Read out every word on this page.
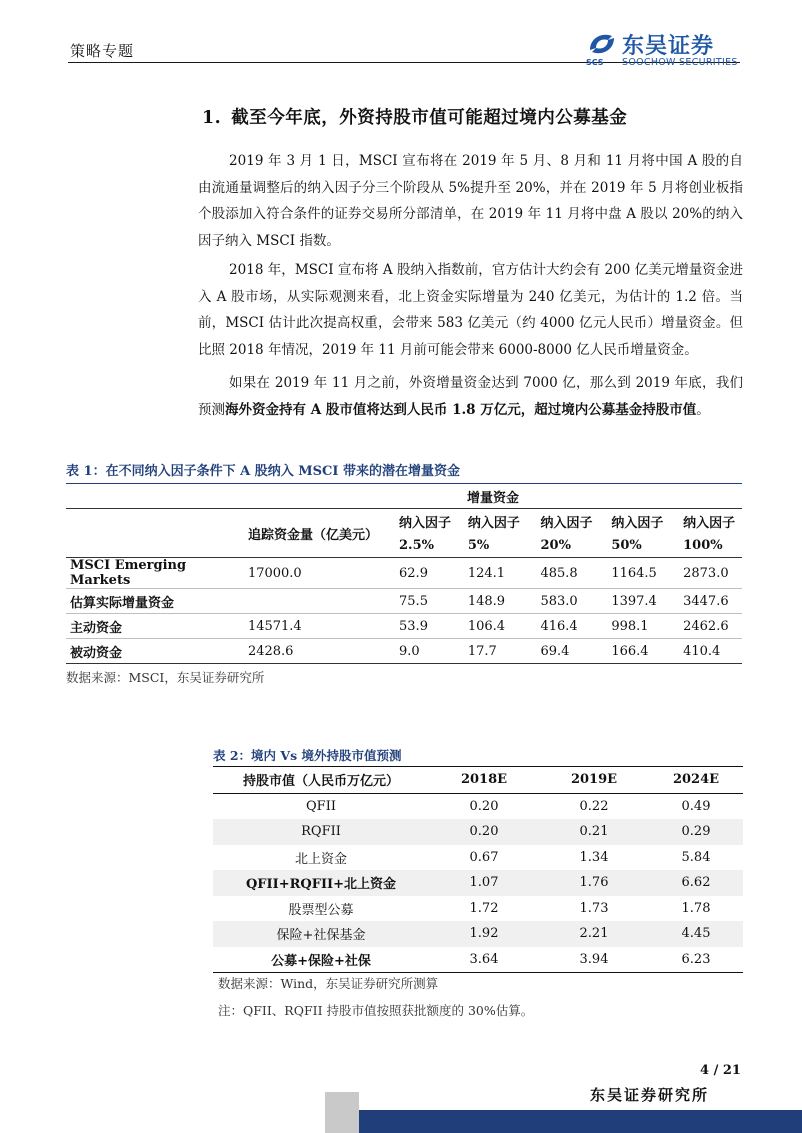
策略专题
SCS
东吴证券
SOOCHOW SECURITIES
1. 截至今年底，外资持股市值可能超过境内公募基金
2019 年 3 月 1 日，MSCI 宣布将在 2019 年 5 月、8 月和 11 月将中国 A 股的自由流通量调整后的纳入因子分三个阶段从 5%提升至 20%，并在 2019 年 5 月将创业板指个股添加入符合条件的证券交易所分部清单，在 2019 年 11 月将中盘 A 股以 20%的纳入因子纳入 MSCI 指数。
2018 年，MSCI 宣布将 A 股纳入指数前，官方估计大约会有 200 亿美元增量资金进入 A 股市场，从实际观测来看，北上资金实际增量为 240 亿美元，为估计的 1.2 倍。当前，MSCI 估计此次提高权重，会带来 583 亿美元（约 4000 亿元人民币）增量资金。但比照 2018 年情况，2019 年 11 月前可能会带来 6000-8000 亿人民币增量资金。
如果在 2019 年 11 月之前，外资增量资金达到 7000 亿，那么到 2019 年底，我们预测海外资金持有 A 股市值将达到人民币 1.8 万亿元，超过境内公募基金持股市值。
表 1：在不同纳入因子条件下 A 股纳入 MSCI 带来的潜在增量资金
		增量资金				
	追踪资金量（亿美元）	纳入因子	纳入因子	纳入因子	纳入因子	纳入因子
		2.5%	5%	20%	50%	100%
MSCI Emerging Markets	17000.0	62.9	124.1	485.8	1164.5	2873.0
估算实际增量资金		75.5	148.9	583.0	1397.4	3447.6
主动资金	14571.4	53.9	106.4	416.4	998.1	2462.6
被动资金	2428.6	9.0	17.7	69.4	166.4	410.4
数据来源：MSCI，东吴证券研究所
表 2：境内 Vs 境外持股市值预测
持股市值（人民币万亿元）	2018E	2019E	2024E
QFII	0.20	0.22	0.49
RQFII	0.20	0.21	0.29
北上资金	0.67	1.34	5.84
QFII+RQFII+北上资金	1.07	1.76	6.62
股票型公募	1.72	1.73	1.78
保险+社保基金	1.92	2.21	4.45
公募+保险+社保	3.64	3.94	6.23
数据来源：Wind，东吴证券研究所测算
注：QFII、RQFII 持股市值按照获批额度的 30%估算。
4 / 21
东吴证券研究所
